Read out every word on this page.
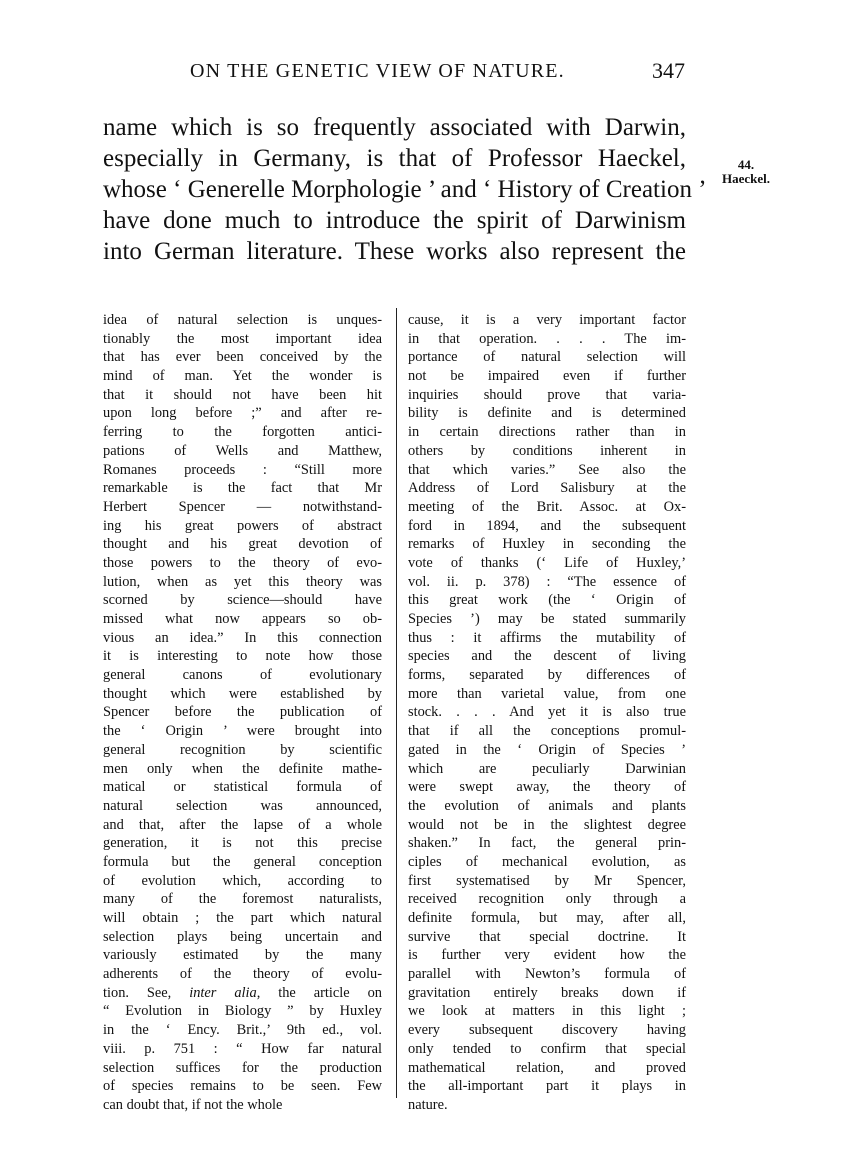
ON THE GENETIC VIEW OF NATURE.	347
name which is so frequently associated with Darwin,
especially in Germany, is that of Professor Haeckel,
whose ‘ Generelle Morphologie ’ and ‘ History of Creation ’
have done much to introduce the spirit of Darwinism
into German literature. These works also represent the
44.
Haeckel.
idea of natural selection is unques-
tionably the most important idea
that has ever been conceived by the
mind of man. Yet the wonder is
that it should not have been hit
upon long before ;” and after re-
ferring to the forgotten antici-
pations of Wells and Matthew,
Romanes proceeds : “Still more
remarkable is the fact that Mr
Herbert Spencer — notwithstand-
ing his great powers of abstract
thought and his great devotion of
those powers to the theory of evo-
lution, when as yet this theory was
scorned by science—should have
missed what now appears so ob-
vious an idea.” In this connection
it is interesting to note how those
general canons of evolutionary
thought which were established by
Spencer before the publication of
the ‘ Origin ’ were brought into
general recognition by scientific
men only when the definite mathe-
matical or statistical formula of
natural selection was announced,
and that, after the lapse of a whole
generation, it is not this precise
formula but the general conception
of evolution which, according to
many of the foremost naturalists,
will obtain ; the part which natural
selection plays being uncertain and
variously estimated by the many
adherents of the theory of evolu-
tion. See, inter alia, the article on
“ Evolution in Biology ” by Huxley
in the ‘ Ency. Brit.,’ 9th ed., vol.
viii. p. 751 : “ How far natural
selection suffices for the production
of species remains to be seen. Few
can doubt that, if not the whole
cause, it is a very important factor
in that operation. . . . The im-
portance of natural selection will
not be impaired even if further
inquiries should prove that varia-
bility is definite and is determined
in certain directions rather than in
others by conditions inherent in
that which varies.” See also the
Address of Lord Salisbury at the
meeting of the Brit. Assoc. at Ox-
ford in 1894, and the subsequent
remarks of Huxley in seconding the
vote of thanks (‘ Life of Huxley,’
vol. ii. p. 378) : “The essence of
this great work (the ‘ Origin of
Species ’) may be stated summarily
thus : it affirms the mutability of
species and the descent of living
forms, separated by differences of
more than varietal value, from one
stock. . . . And yet it is also true
that if all the conceptions promul-
gated in the ‘ Origin of Species ’
which are peculiarly Darwinian
were swept away, the theory of
the evolution of animals and plants
would not be in the slightest degree
shaken.” In fact, the general prin-
ciples of mechanical evolution, as
first systematised by Mr Spencer,
received recognition only through a
definite formula, but may, after all,
survive that special doctrine. It
is further very evident how the
parallel with Newton’s formula of
gravitation entirely breaks down if
we look at matters in this light ;
every subsequent discovery having
only tended to confirm that special
mathematical relation, and proved
the all-important part it plays in
nature.
